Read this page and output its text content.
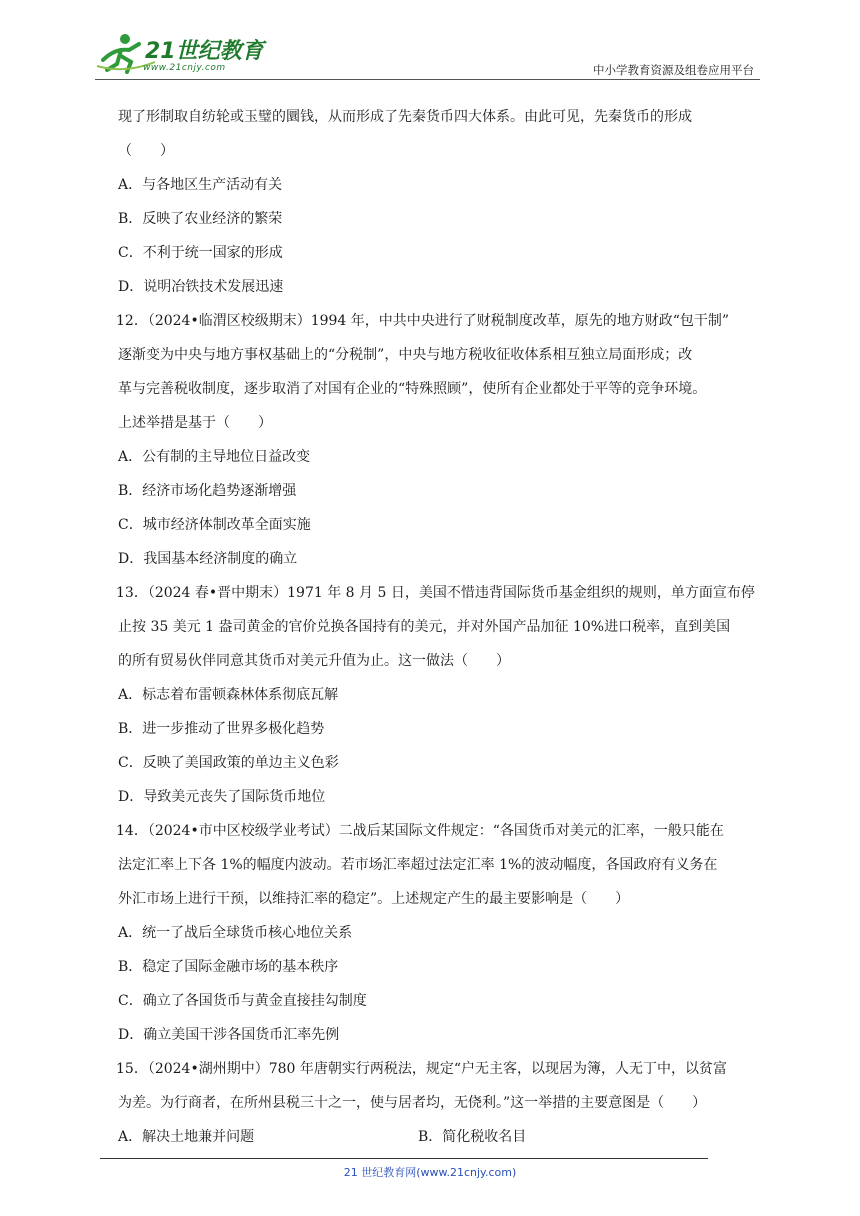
21世纪教育
www.21cnjy.com	中小学教育资源及组卷应用平台
现了形制取自纺轮或玉璧的圜钱，从而形成了先秦货币四大体系。由此可见，先秦货币的形成
（　　）
A．与各地区生产活动有关
B．反映了农业经济的繁荣
C．不利于统一国家的形成
D．说明冶铁技术发展迅速
12．（2024•临渭区校级期末）1994 年，中共中央进行了财税制度改革，原先的地方财政“包干制”
逐渐变为中央与地方事权基础上的“分税制”，中央与地方税收征收体系相互独立局面形成；改
革与完善税收制度，逐步取消了对国有企业的“特殊照顾”，使所有企业都处于平等的竞争环境。
上述举措是基于（　　）
A．公有制的主导地位日益改变
B．经济市场化趋势逐渐增强
C．城市经济体制改革全面实施
D．我国基本经济制度的确立
13．（2024 春•晋中期末）1971 年 8 月 5 日，美国不惜违背国际货币基金组织的规则，单方面宣布停
止按 35 美元 1 盎司黄金的官价兑换各国持有的美元，并对外国产品加征 10%进口税率，直到美国
的所有贸易伙伴同意其货币对美元升值为止。这一做法（　　）
A．标志着布雷顿森林体系彻底瓦解
B．进一步推动了世界多极化趋势
C．反映了美国政策的单边主义色彩
D．导致美元丧失了国际货币地位
14．（2024•市中区校级学业考试）二战后某国际文件规定：“各国货币对美元的汇率，一般只能在
法定汇率上下各 1%的幅度内波动。若市场汇率超过法定汇率 1%的波动幅度，各国政府有义务在
外汇市场上进行干预，以维持汇率的稳定”。上述规定产生的最主要影响是（　　）
A．统一了战后全球货币核心地位关系
B．稳定了国际金融市场的基本秩序
C．确立了各国货币与黄金直接挂勾制度
D．确立美国干涉各国货币汇率先例
15．（2024•湖州期中）780 年唐朝实行两税法，规定“户无主客，以现居为簿，人无丁中，以贫富
为差。为行商者，在所州县税三十之一，使与居者均，无侥利。”这一举措的主要意图是（　　）
A．解决土地兼并问题	B．简化税收名目
21 世纪教育网(www.21cnjy.com)
